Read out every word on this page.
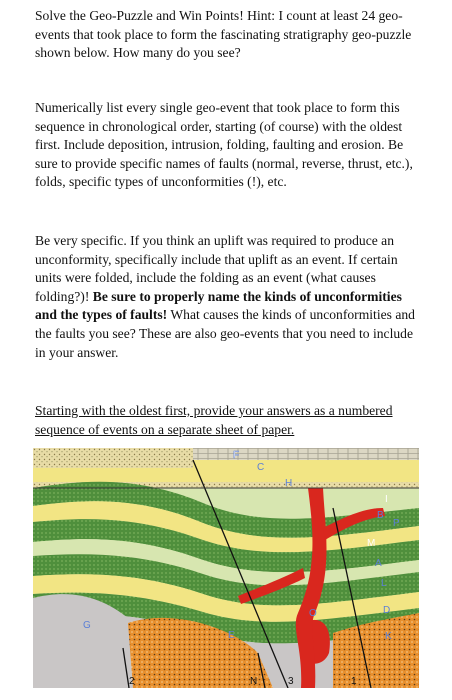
Solve the Geo-Puzzle and Win Points! Hint: I count at least 24 geo-events that took place to form the fascinating stratigraphy geo-puzzle shown below. How many do you see?

Numerically list every single geo-event that took place to form this sequence in chronological order, starting (of course) with the oldest first. Include deposition, intrusion, folding, faulting and erosion. Be sure to provide specific names of faults (normal, reverse, thrust, etc.), folds, specific types of unconformities (!), etc.

Be very specific. If you think an uplift was required to produce an unconformity, specifically include that uplift as an event. If certain units were folded, include the folding as an event (what causes folding?)! Be sure to properly name the kinds of unconformities and the types of faults! What causes the kinds of unconformities and the faults you see? These are also geo-events that you need to include in your answer.

Starting with the oldest first, provide your answers as a numbered sequence of events on a separate sheet of paper.

F
C
H
I
B
P
M
A
L
D
K
G
E
O
2	N	3	1
